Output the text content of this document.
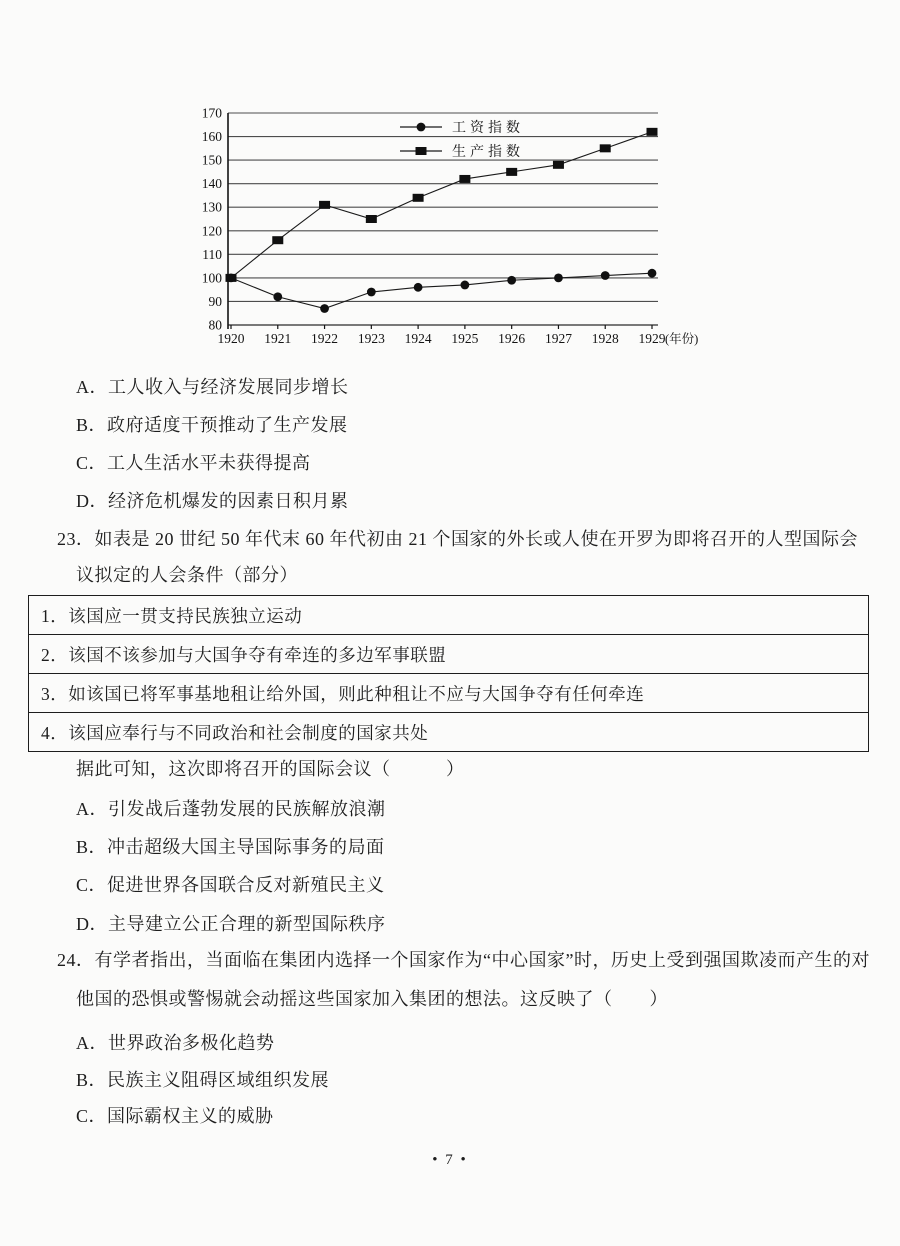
80
90
100
110
120
130
140
150
160
170
1920 1921 1922 1923 1924 1925 1926 1927 1928 1929 (年份)
工资指数
生产指数
A．工人收入与经济发展同步增长
B．政府适度干预推动了生产发展
C．工人生活水平未获得提高
D．经济危机爆发的因素日积月累
23．如表是 20 丗纪 50 年代末 60 年代初由 21 个国家的外长或人使在开罗为即将召开的人型国际会
议拟定的人会条件（部分）
1．该国应一贯支持民族独立运动
2．该国不该参加与大国争夺有牵连的多边军事联盟
3．如该国已将军事基地租让给外国，则此种租让不应与大国争夺有任何牵连
4．该国应奉行与不同政治和社会制度的国家共处
据此可知，这次即将召开的国际会议（　　　）
A．引发战后蓬勃发展的民族解放浪潮
B．冲击超级大国主导国际事务的局面
C．促进世界各国联合反对新殖民主义
D．主导建立公正合理的新型国际秩序
24．有学者指出，当面临在集团内选择一个国家作为“中心国家”时，历史上受到强国欺凌而产生的对
他国的恐惧或警惕就会动摇这些国家加入集团的想法。这反映了（　　）
A．世界政治多极化趋势
B．民族主义阻碍区域组织发展
C．国际霸权主义的威胁
• 7 •
